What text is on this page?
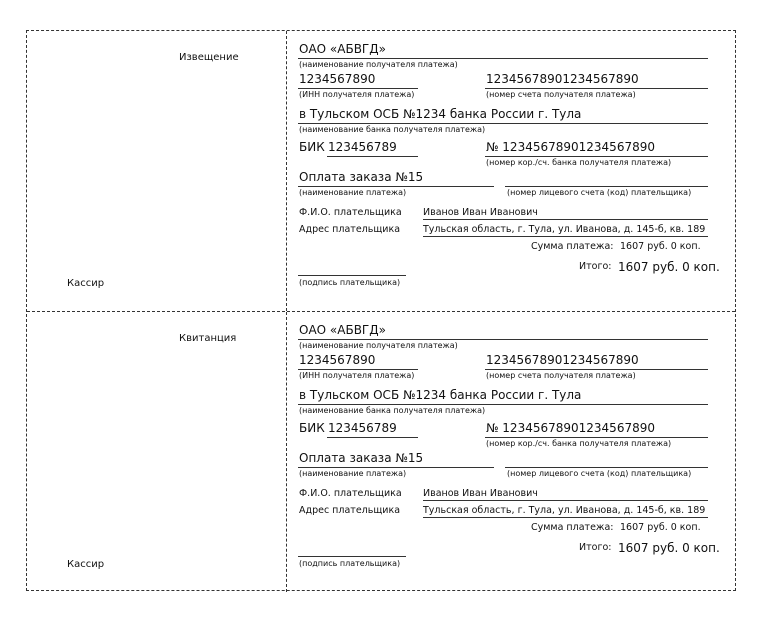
Извещение
Кассир
ОАО «АБВГД»
(наименование получателя платежа)
1234567890	12345678901234567890
(ИНН получателя платежа)	(номер счета получателя платежа)
в Тульском ОСБ №1234 банка России г. Тула
(наименование банка получателя платежа)
БИК 123456789	№ 12345678901234567890
(номер кор./сч. банка получателя платежа)
Оплата заказа №15
(наименование платежа)	(номер лицевого счета (код) плательщика)
Ф.И.О. плательщика Иванов Иван Иванович
Адрес плательщика Тульская область, г. Тула, ул. Иванова, д. 145-б, кв. 189
Сумма платежа: 1607 руб. 0 коп.
Итого: 1607 руб. 0 коп.
(подпись плательщика)
Квитанция
Кассир
ОАО «АБВГД»
(наименование получателя платежа)
1234567890	12345678901234567890
(ИНН получателя платежа)	(номер счета получателя платежа)
в Тульском ОСБ №1234 банка России г. Тула
(наименование банка получателя платежа)
БИК 123456789	№ 12345678901234567890
(номер кор./сч. банка получателя платежа)
Оплата заказа №15
(наименование платежа)	(номер лицевого счета (код) плательщика)
Ф.И.О. плательщика Иванов Иван Иванович
Адрес плательщика Тульская область, г. Тула, ул. Иванова, д. 145-б, кв. 189
Сумма платежа: 1607 руб. 0 коп.
Итого: 1607 руб. 0 коп.
(подпись плательщика)
